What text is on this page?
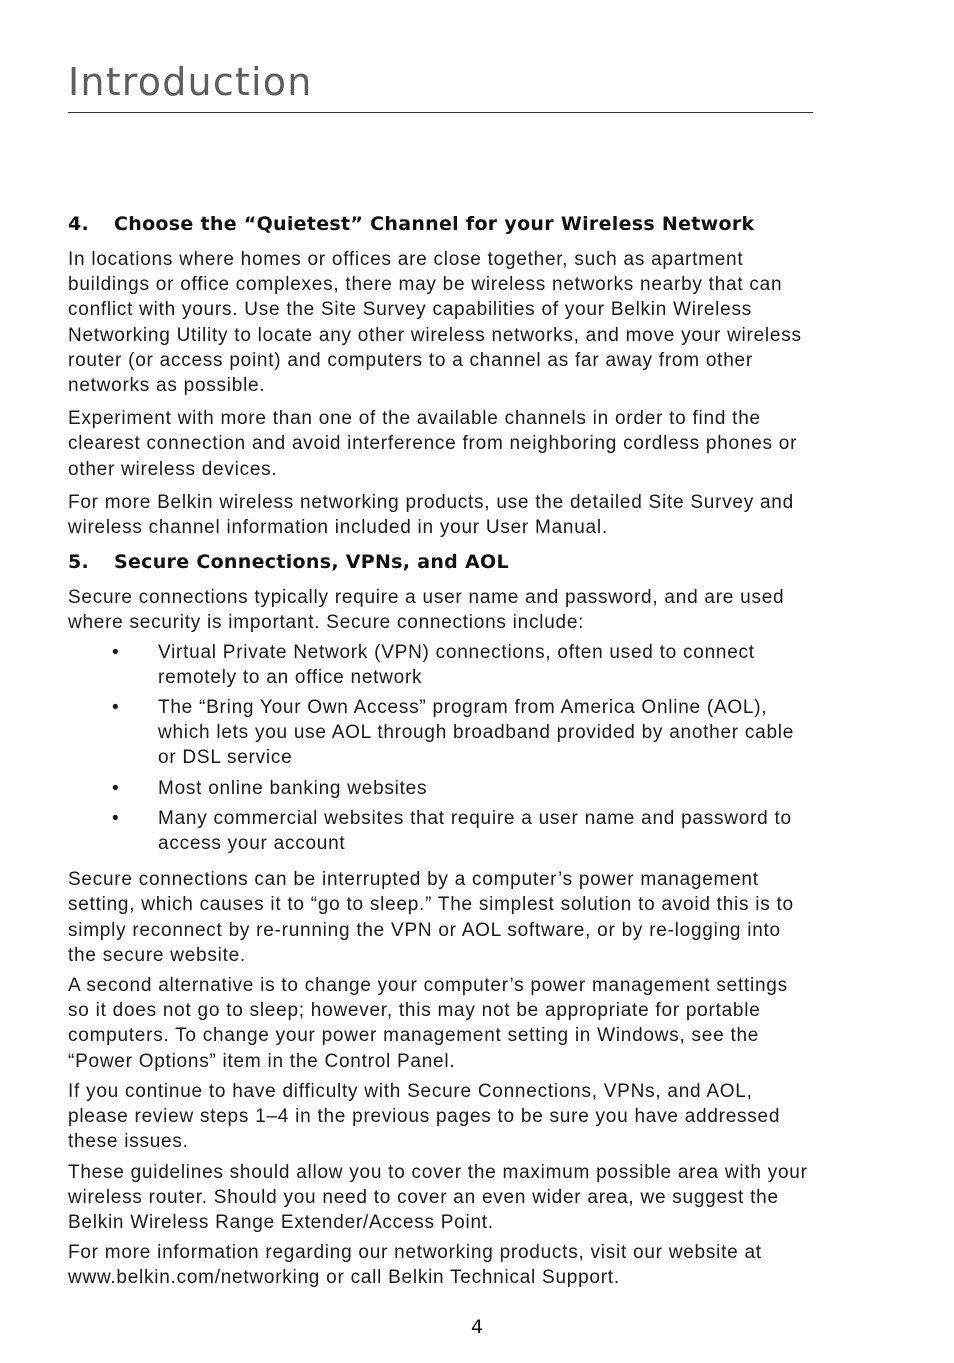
Introduction
4.	Choose the “Quietest” Channel for your Wireless Network

In locations where homes or offices are close together, such as apartment buildings or office complexes, there may be wireless networks nearby that can conflict with yours. Use the Site Survey capabilities of your Belkin Wireless Networking Utility to locate any other wireless networks, and move your wireless router (or access point) and computers to a channel as far away from other networks as possible.

Experiment with more than one of the available channels in order to find the clearest connection and avoid interference from neighboring cordless phones or other wireless devices.

For more Belkin wireless networking products, use the detailed Site Survey and wireless channel information included in your User Manual.

5.	Secure Connections, VPNs, and AOL

Secure connections typically require a user name and password, and are used where security is important. Secure connections include:

• Virtual Private Network (VPN) connections, often used to connect remotely to an office network
• The “Bring Your Own Access” program from America Online (AOL), which lets you use AOL through broadband provided by another cable or DSL service
• Most online banking websites
• Many commercial websites that require a user name and password to access your account

Secure connections can be interrupted by a computer’s power management setting, which causes it to “go to sleep.” The simplest solution to avoid this is to simply reconnect by re-running the VPN or AOL software, or by re-logging into the secure website.

A second alternative is to change your computer’s power management settings so it does not go to sleep; however, this may not be appropriate for portable computers. To change your power management setting in Windows, see the “Power Options” item in the Control Panel.

If you continue to have difficulty with Secure Connections, VPNs, and AOL, please review steps 1–4 in the previous pages to be sure you have addressed these issues.

These guidelines should allow you to cover the maximum possible area with your wireless router. Should you need to cover an even wider area, we suggest the Belkin Wireless Range Extender/Access Point.

For more information regarding our networking products, visit our website at www.belkin.com/networking or call Belkin Technical Support.

4
